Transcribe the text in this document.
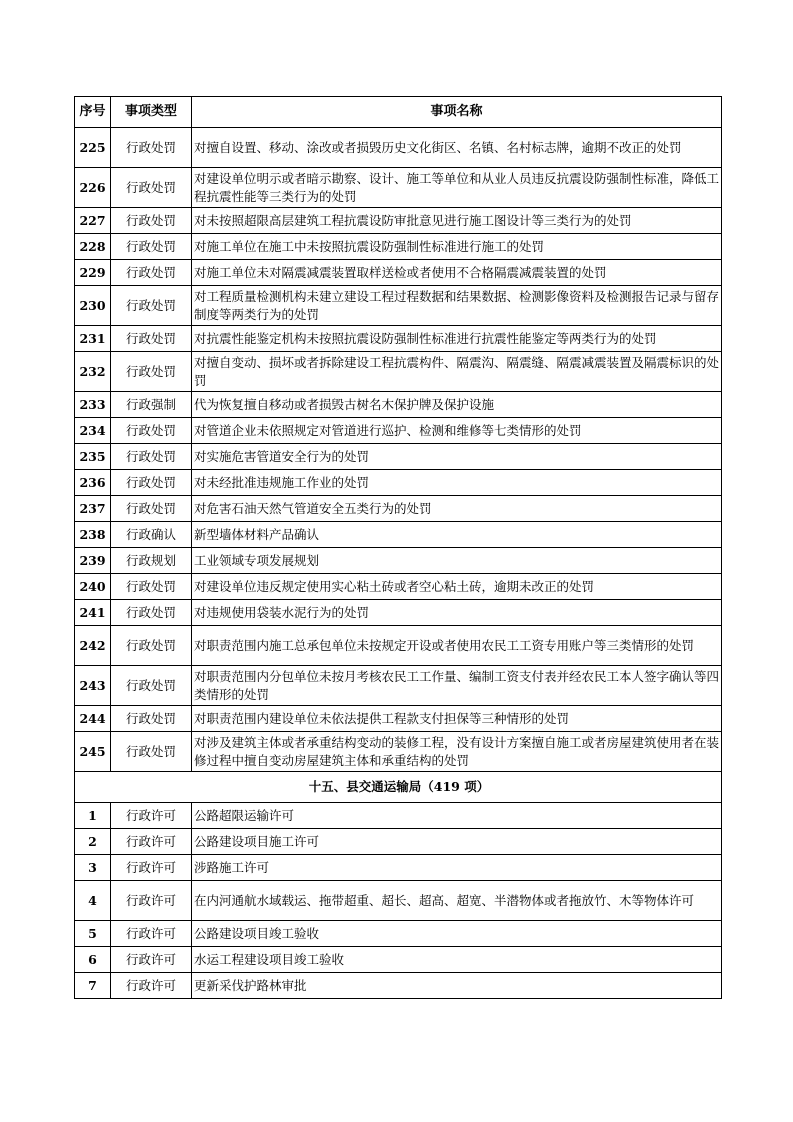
序号	事项类型	事项名称
225	行政处罚	对擅自设置、移动、涂改或者损毁历史文化街区、名镇、名村标志牌，逾期不改正的处罚
226	行政处罚	对建设单位明示或者暗示勘察、设计、施工等单位和从业人员违反抗震设防强制性标准，降低工程抗震性能等三类行为的处罚
227	行政处罚	对未按照超限高层建筑工程抗震设防审批意见进行施工图设计等三类行为的处罚
228	行政处罚	对施工单位在施工中未按照抗震设防强制性标准进行施工的处罚
229	行政处罚	对施工单位未对隔震减震装置取样送检或者使用不合格隔震减震装置的处罚
230	行政处罚	对工程质量检测机构未建立建设工程过程数据和结果数据、检测影像资料及检测报告记录与留存制度等两类行为的处罚
231	行政处罚	对抗震性能鉴定机构未按照抗震设防强制性标准进行抗震性能鉴定等两类行为的处罚
232	行政处罚	对擅自变动、损坏或者拆除建设工程抗震构件、隔震沟、隔震缝、隔震减震装置及隔震标识的处罚
233	行政强制	代为恢复擅自移动或者损毁古树名木保护牌及保护设施
234	行政处罚	对管道企业未依照规定对管道进行巡护、检测和维修等七类情形的处罚
235	行政处罚	对实施危害管道安全行为的处罚
236	行政处罚	对未经批准违规施工作业的处罚
237	行政处罚	对危害石油天然气管道安全五类行为的处罚
238	行政确认	新型墙体材料产品确认
239	行政规划	工业领域专项发展规划
240	行政处罚	对建设单位违反规定使用实心粘土砖或者空心粘土砖，逾期未改正的处罚
241	行政处罚	对违规使用袋装水泥行为的处罚
242	行政处罚	对职责范围内施工总承包单位未按规定开设或者使用农民工工资专用账户等三类情形的处罚
243	行政处罚	对职责范围内分包单位未按月考核农民工工作量、编制工资支付表并经农民工本人签字确认等四类情形的处罚
244	行政处罚	对职责范围内建设单位未依法提供工程款支付担保等三种情形的处罚
245	行政处罚	对涉及建筑主体或者承重结构变动的装修工程，没有设计方案擅自施工或者房屋建筑使用者在装修过程中擅自变动房屋建筑主体和承重结构的处罚
十五、县交通运输局（419 项）		
1	行政许可	公路超限运输许可
2	行政许可	公路建设项目施工许可
3	行政许可	涉路施工许可
4	行政许可	在内河通航水域载运、拖带超重、超长、超高、超宽、半潜物体或者拖放竹、木等物体许可
5	行政许可	公路建设项目竣工验收
6	行政许可	水运工程建设项目竣工验收
7	行政许可	更新采伐护路林审批
